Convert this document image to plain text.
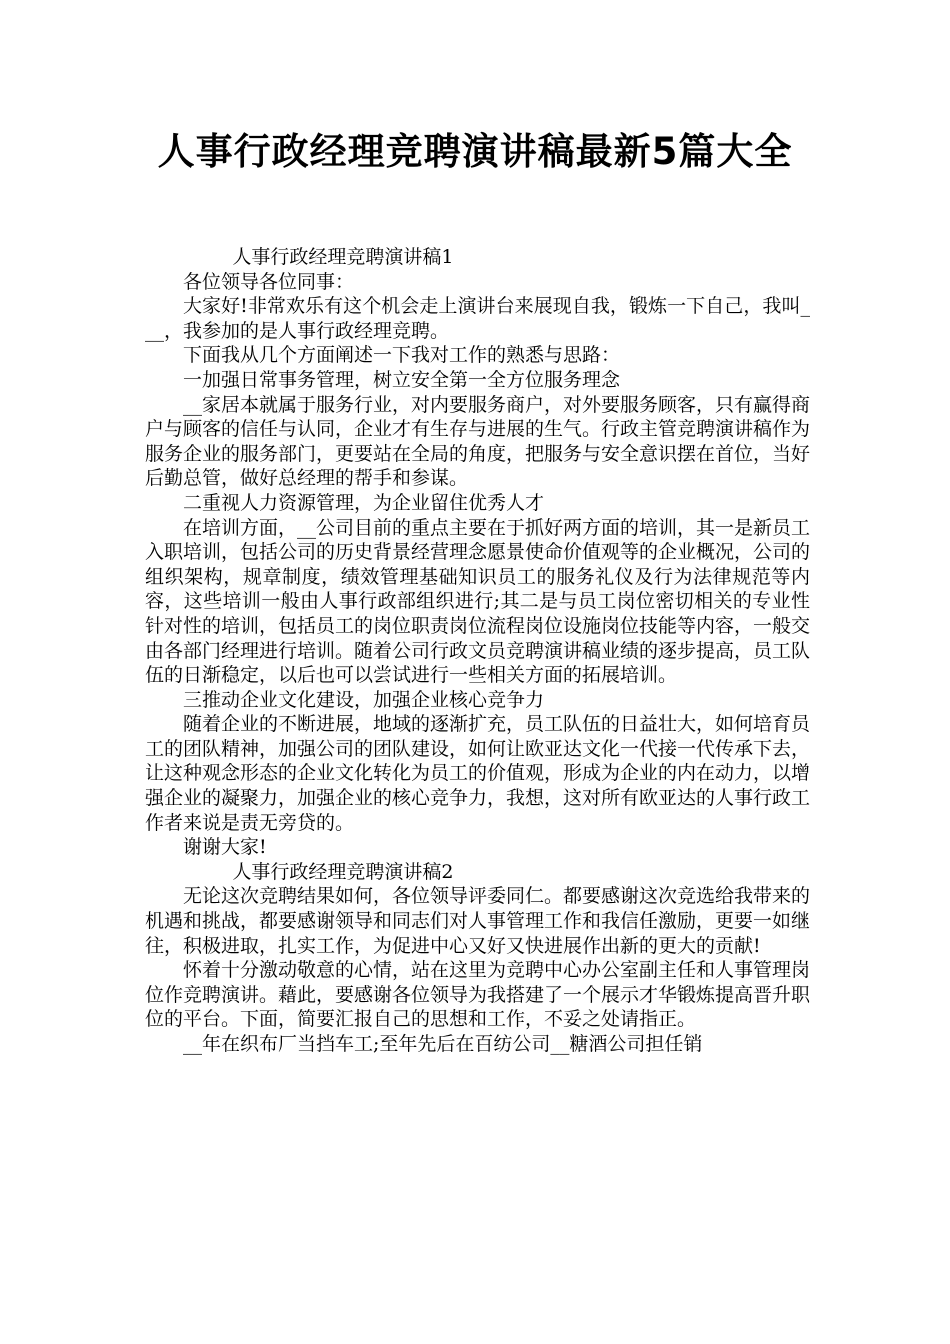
人事行政经理竞聘演讲稿最新5篇大全

人事行政经理竞聘演讲稿1

各位领导各位同事：

大家好!非常欢乐有这个机会走上演讲台来展现自我，锻炼一下自己，我叫___，我参加的是人事行政经理竞聘。

下面我从几个方面阐述一下我对工作的熟悉与思路：

一加强日常事务管理，树立安全第一全方位服务理念

__家居本就属于服务行业，对内要服务商户，对外要服务顾客，只有赢得商户与顾客的信任与认同，企业才有生存与进展的生气。行政主管竞聘演讲稿作为服务企业的服务部门，更要站在全局的角度，把服务与安全意识摆在首位，当好后勤总管，做好总经理的帮手和参谋。

二重视人力资源管理，为企业留住优秀人才

在培训方面，__公司目前的重点主要在于抓好两方面的培训，其一是新员工入职培训，包括公司的历史背景经营理念愿景使命价值观等的企业概况，公司的组织架构，规章制度，绩效管理基础知识员工的服务礼仪及行为法律规范等内容，这些培训一般由人事行政部组织进行;其二是与员工岗位密切相关的专业性针对性的培训，包括员工的岗位职责岗位流程岗位设施岗位技能等内容，一般交由各部门经理进行培训。随着公司行政文员竞聘演讲稿业绩的逐步提高，员工队伍的日渐稳定，以后也可以尝试进行一些相关方面的拓展培训。

三推动企业文化建设，加强企业核心竞争力

随着企业的不断进展，地域的逐渐扩充，员工队伍的日益壮大，如何培育员工的团队精神，加强公司的团队建设，如何让欧亚达文化一代接一代传承下去，让这种观念形态的企业文化转化为员工的价值观，形成为企业的内在动力，以增强企业的凝聚力，加强企业的核心竞争力，我想，这对所有欧亚达的人事行政工作者来说是责无旁贷的。

谢谢大家!

人事行政经理竞聘演讲稿2

无论这次竞聘结果如何，各位领导评委同仁。都要感谢这次竞选给我带来的机遇和挑战，都要感谢领导和同志们对人事管理工作和我信任激励，更要一如继往，积极进取，扎实工作，为促进中心又好又快进展作出新的更大的贡献!

怀着十分激动敬意的心情，站在这里为竞聘中心办公室副主任和人事管理岗位作竞聘演讲。藉此，要感谢各位领导为我搭建了一个展示才华锻炼提高晋升职位的平台。下面，简要汇报自己的思想和工作，不妥之处请指正。

__年在织布厂当挡车工;至年先后在百纺公司__糖酒公司担任销
